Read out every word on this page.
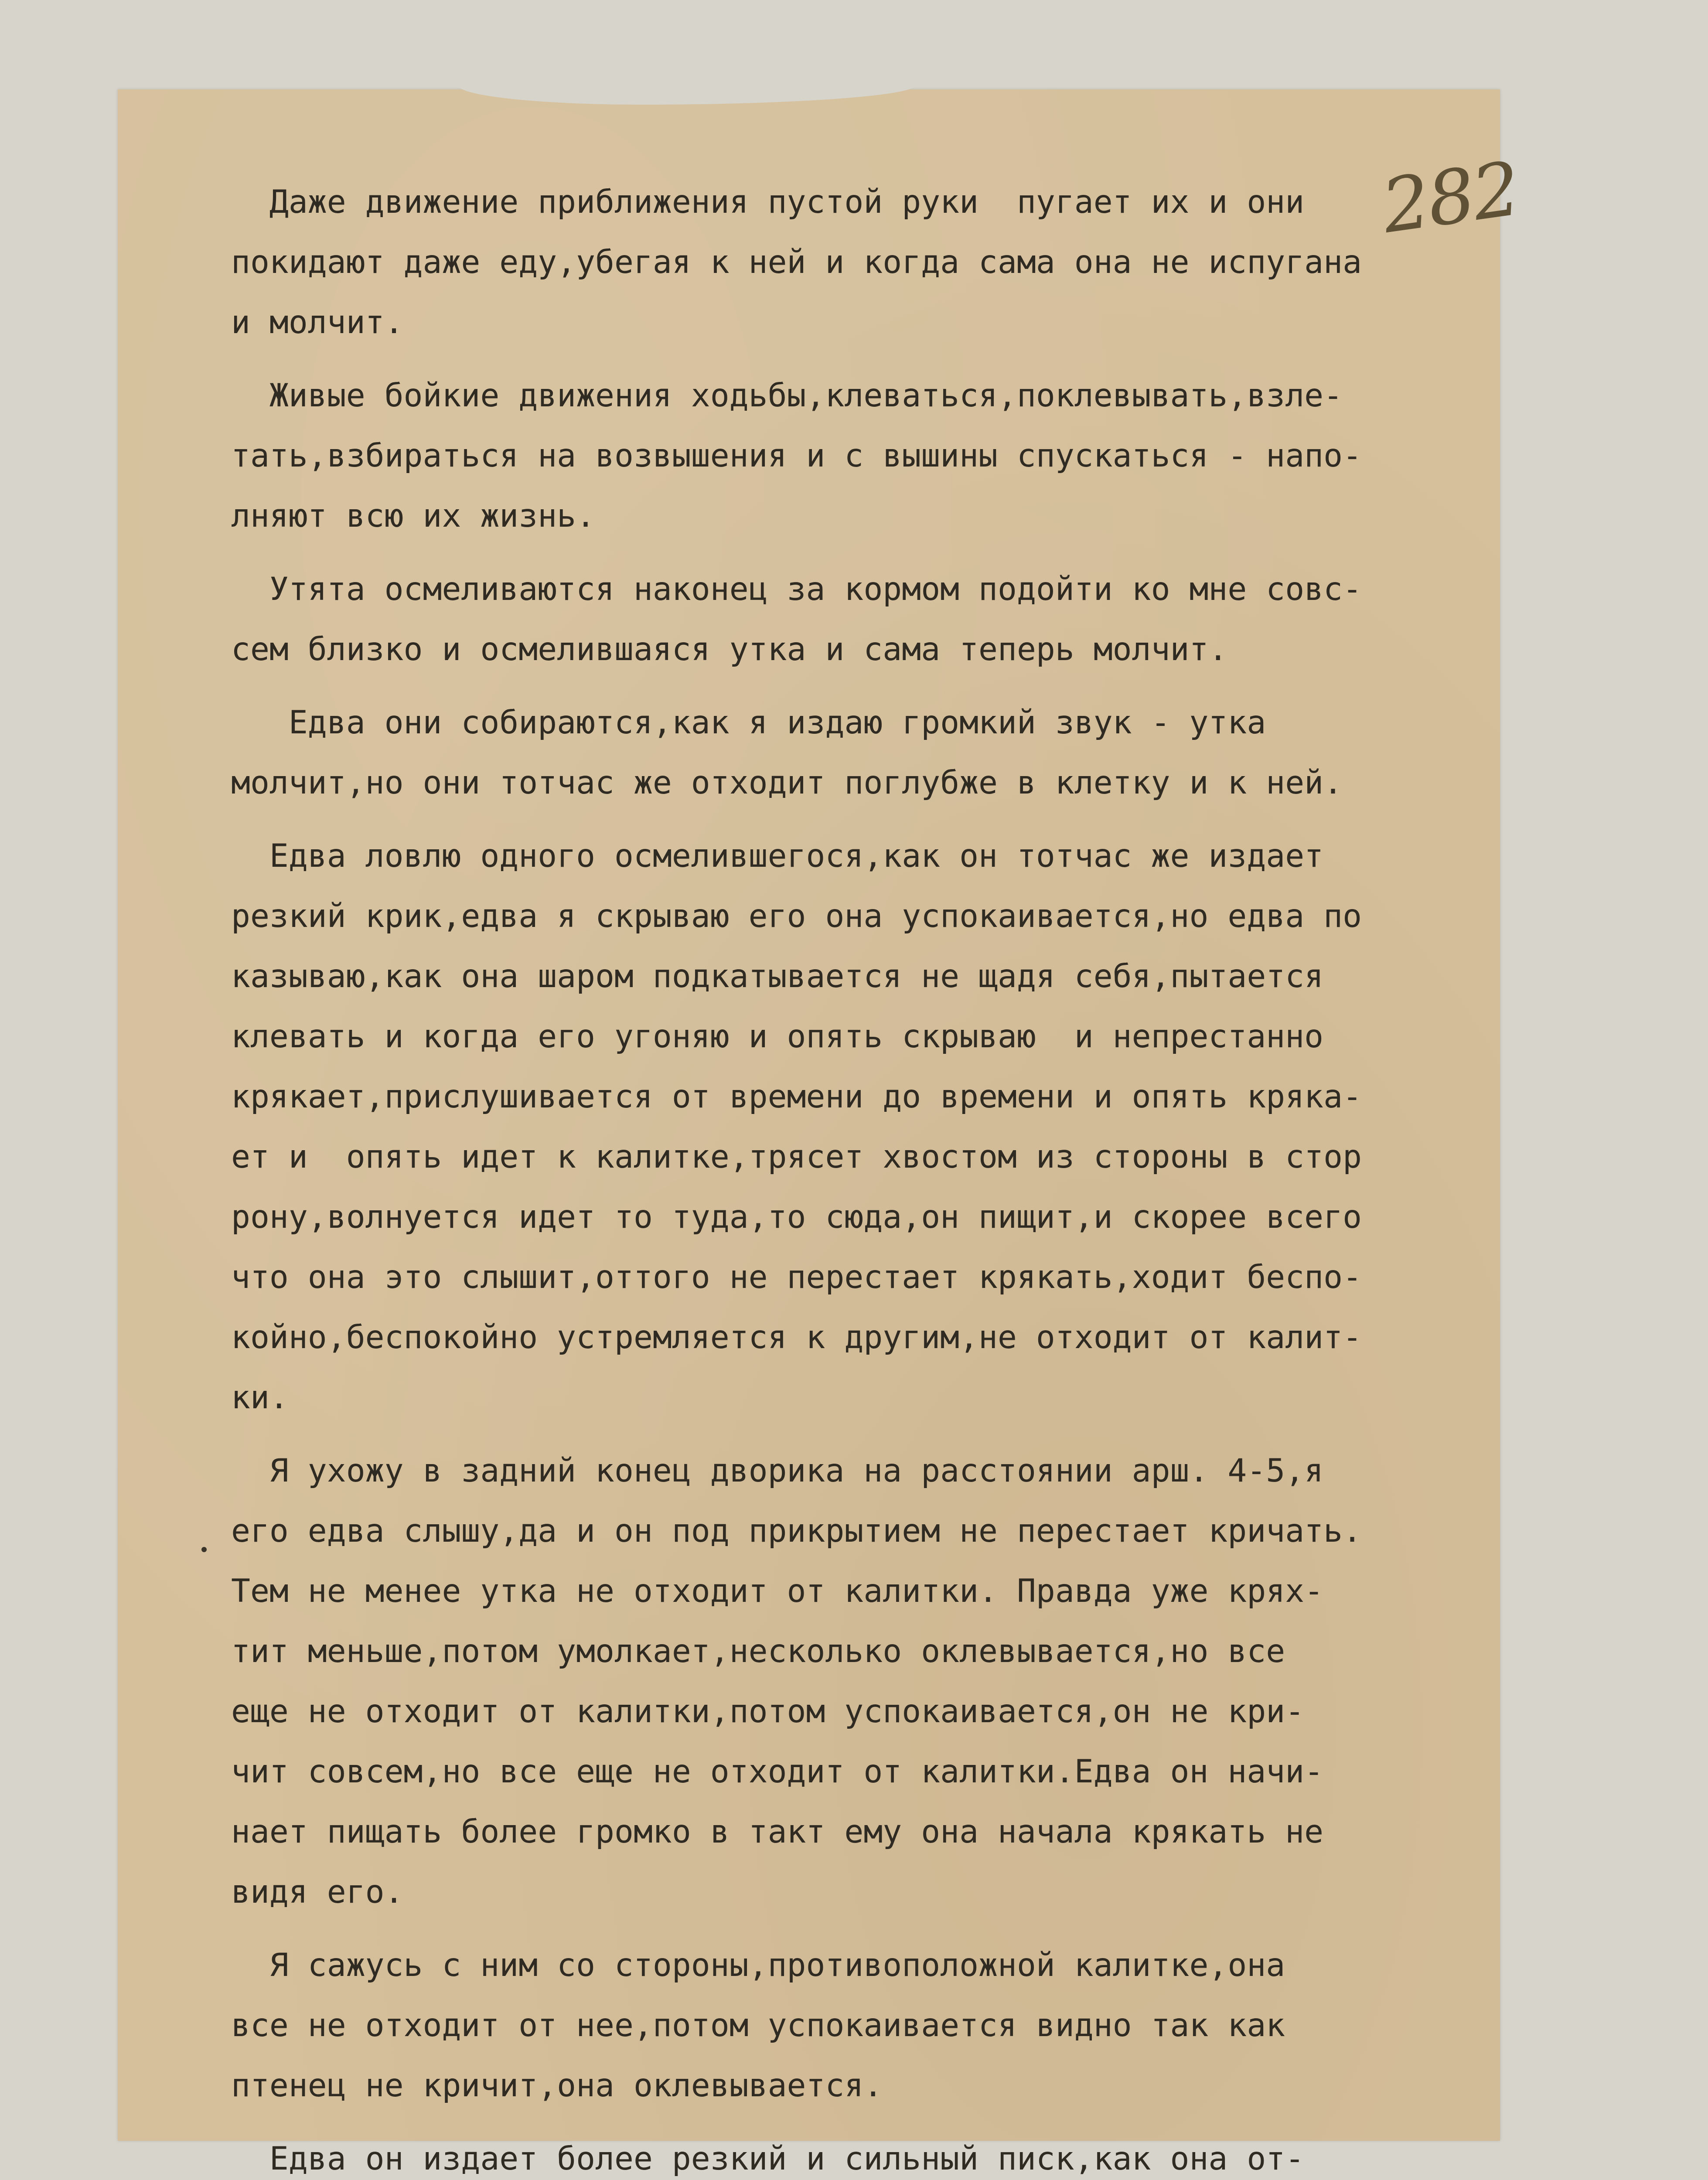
282
Даже движение приближения пустой руки  пугает их и они
покидают даже еду,убегая к ней и когда сама она не испугана
и молчит.
Живые бойкие движения ходьбы,клеваться,поклевывать,взле-
тать,взбираться на возвышения и с вышины спускаться - напо-
лняют всю их жизнь.
Утята осмеливаются наконец за кормом подойти ко мне совс-
сем близко и осмелившаяся утка и сама теперь молчит.
Едва они собираются,как я издаю громкий звук - утка
молчит,но они тотчас же отходит поглубже в клетку и к ней.
Едва ловлю одного осмелившегося,как он тотчас же издает
резкий крик,едва я скрываю его она успокаивается,но едва по
казываю,как она шаром подкатывается не щадя себя,пытается
клевать и когда его угоняю и опять скрываю  и непрестанно
крякает,прислушивается от времени до времени и опять кряка-
ет и  опять идет к калитке,трясет хвостом из стороны в стор
рону,волнуется идет то туда,то сюда,он пищит,и скорее всего
что она это слышит,оттого не перестает крякать,ходит беспо-
койно,беспокойно устремляется к другим,не отходит от калит-
ки.
Я ухожу в задний конец дворика на расстоянии арш. 4-5,я
его едва слышу,да и он под прикрытием не перестает кричать.
Тем не менее утка не отходит от калитки. Правда уже крях-
тит меньше,потом умолкает,несколько оклевывается,но все
еще не отходит от калитки,потом успокаивается,он не кри-
чит совсем,но все еще не отходит от калитки.Едва он начи-
нает пищать более громко в такт ему она начала крякать не
видя его.
Я сажусь с ним со стороны,противоположной калитке,она
все не отходит от нее,потом успокаивается видно так как
птенец не кричит,она оклевывается.
Едва он издает более резкий и сильный писк,как она от-
